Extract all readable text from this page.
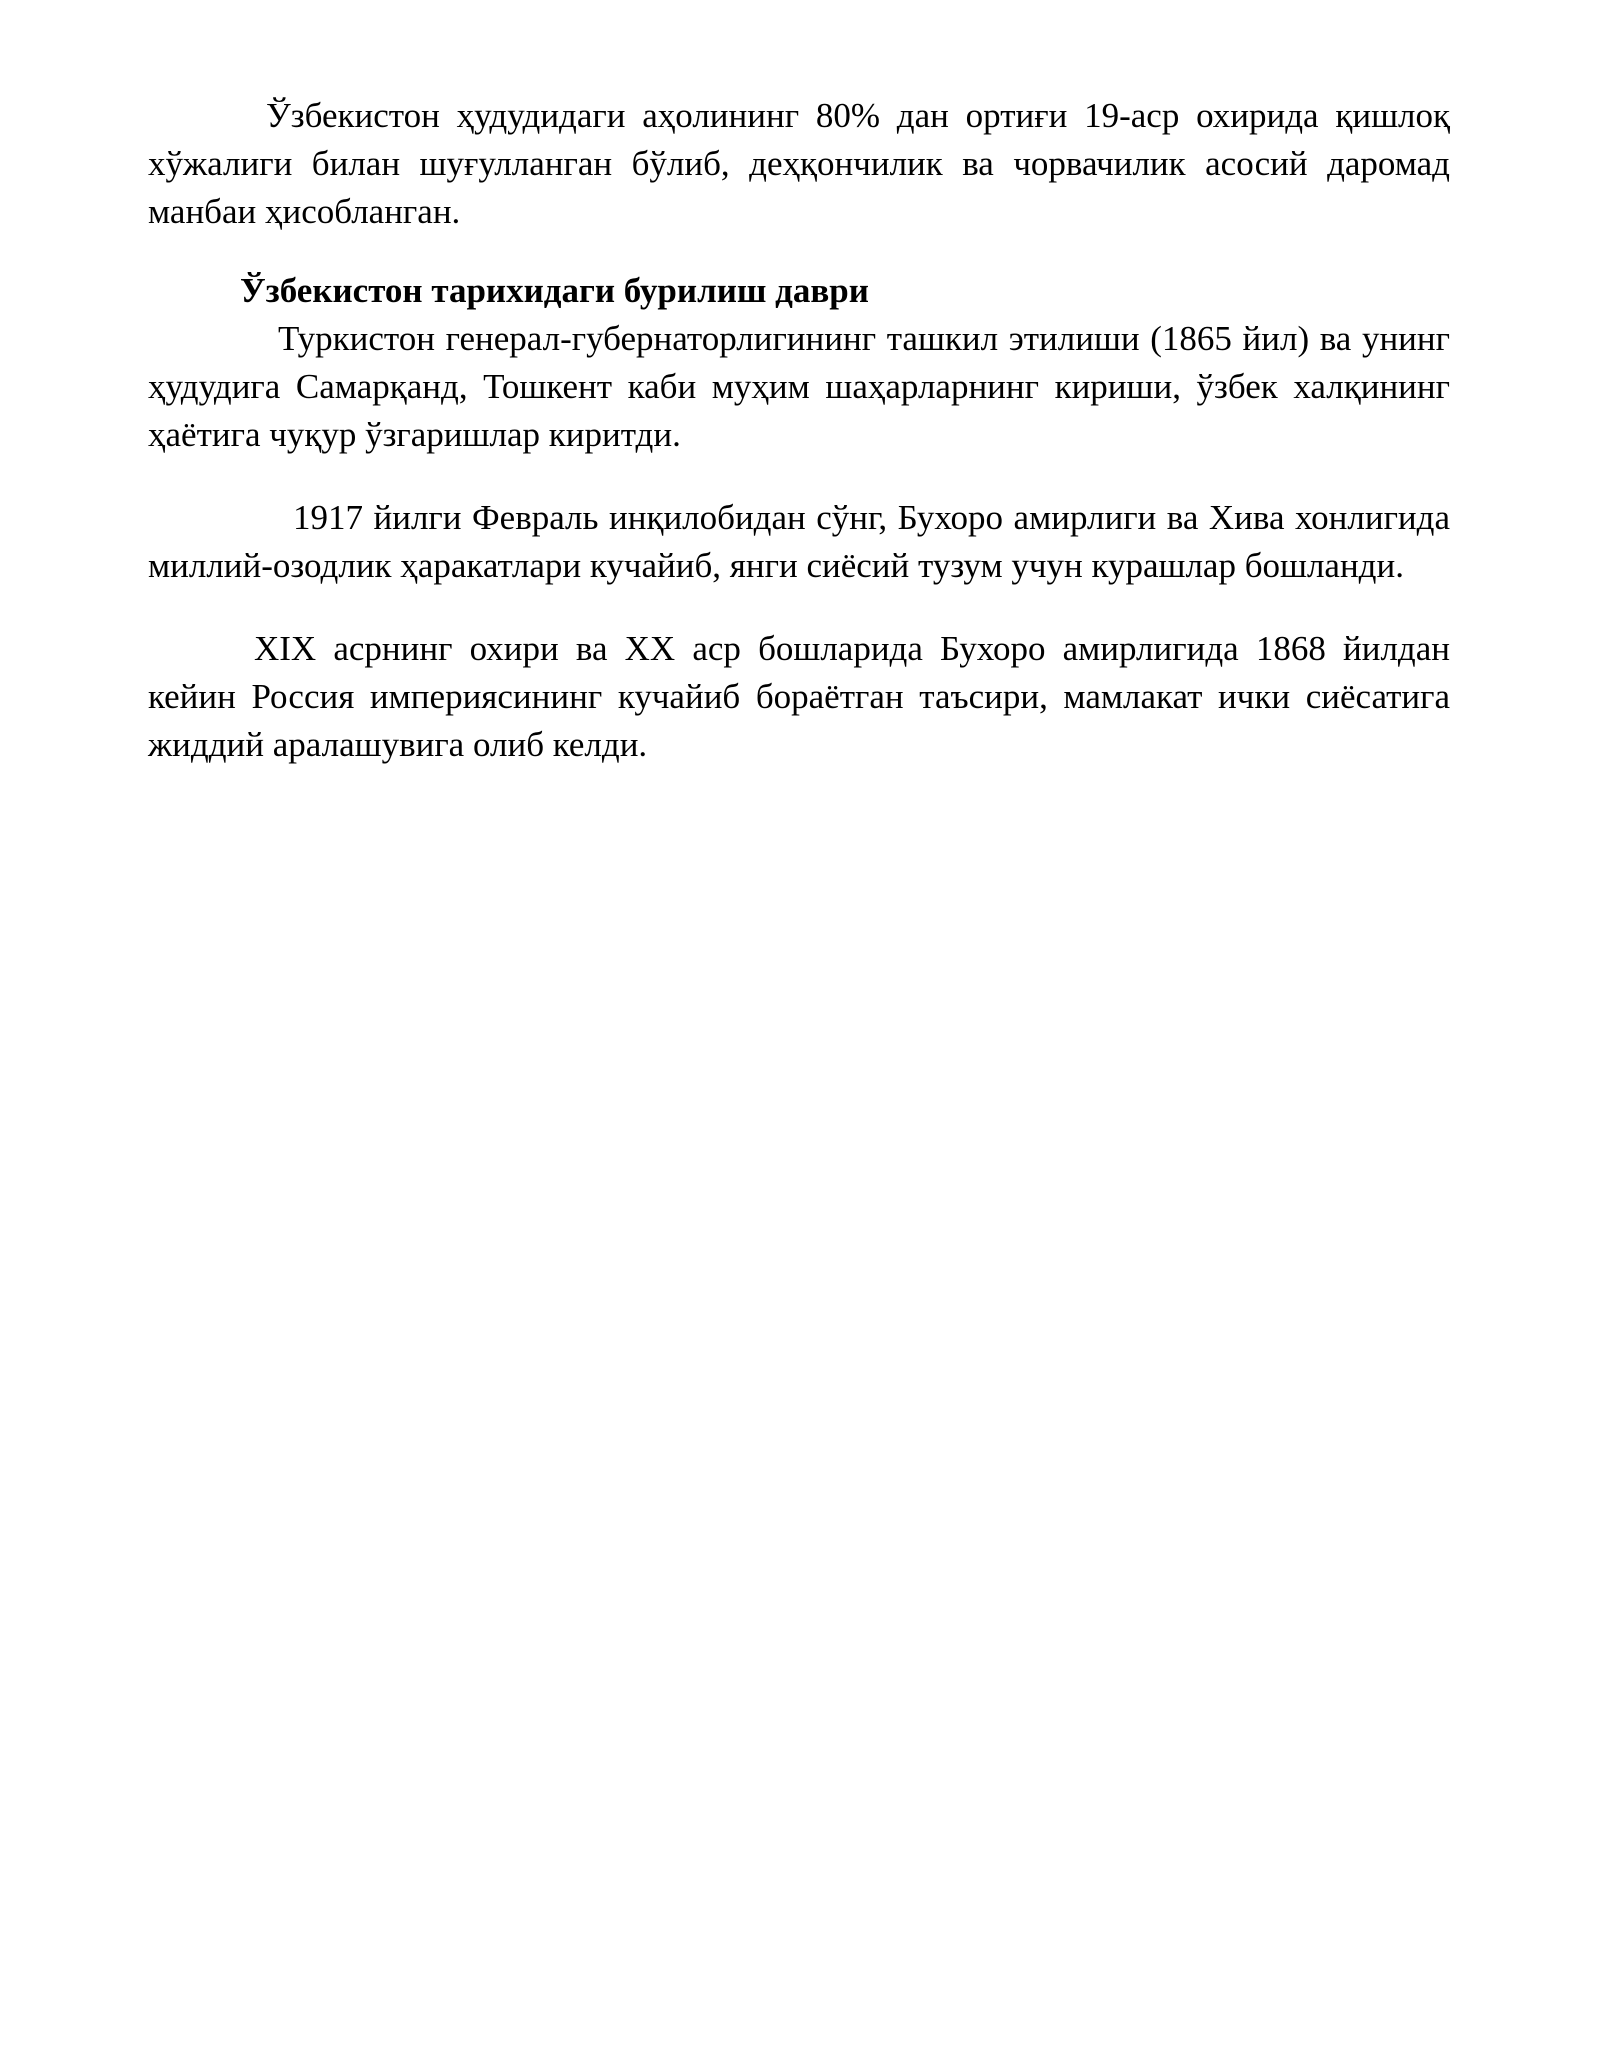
Ўзбекистон ҳудудидаги аҳолининг 80% дан ортиғи 19-аср охирида қишлоқ хўжалиги билан шуғулланган бўлиб, деҳқончилик ва чорвачилик асосий даромад манбаи ҳисобланган.

Ўзбекистон тарихидаги бурилиш даври

Туркистон генерал-губернаторлигининг ташкил этилиши (1865 йил) ва унинг ҳудудига Самарқанд, Тошкент каби муҳим шаҳарларнинг кириши, ўзбек халқининг ҳаётига чуқур ўзгаришлар киритди.

1917 йилги Февраль инқилобидан сўнг, Бухоро амирлиги ва Хива хонлигида миллий-озодлик ҳаракатлари кучайиб, янги сиёсий тузум учун курашлар бошланди.

XIX асрнинг охири ва XX аср бошларида Бухоро амирлигида 1868 йилдан кейин Россия империясининг кучайиб бораётган таъсири, мамлакат ички сиёсатига жиддий аралашувига олиб келди.
